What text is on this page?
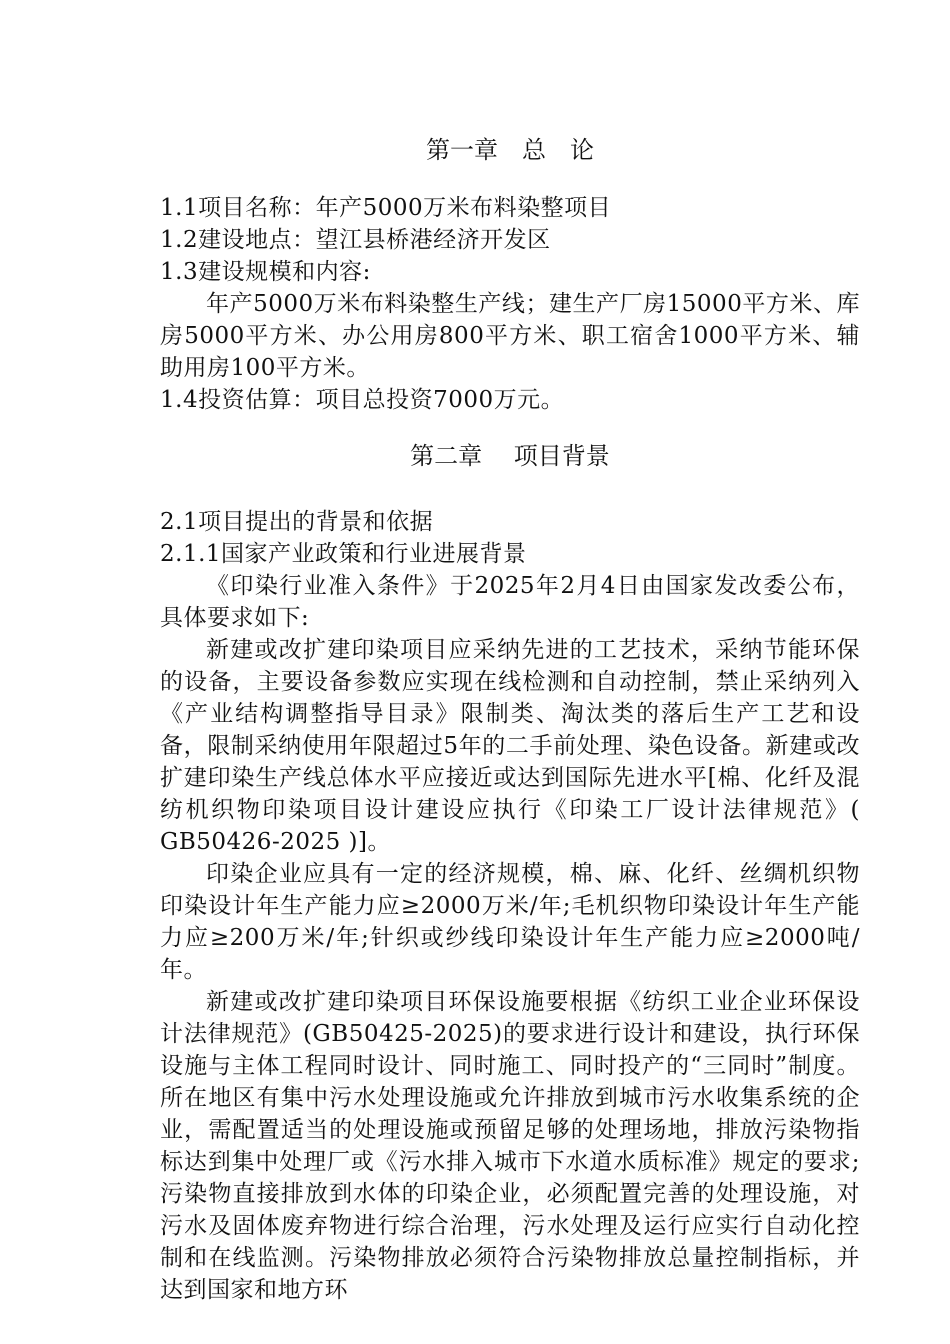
第一章　总　论

1.1项目名称：年产5000万米布料染整项目

1.2建设地点：望江县桥港经济开发区

1.3建设规模和内容:

年产5000万米布料染整生产线；建生产厂房15000平方米、库房5000平方米、办公用房800平方米、职工宿舍1000平方米、辅助用房100平方米。

1.4投资估算：项目总投资7000万元。

第二章　 项目背景

2.1项目提出的背景和依据

2.1.1国家产业政策和行业进展背景

《印染行业准入条件》于2025年2月4日由国家发改委公布，具体要求如下:

新建或改扩建印染项目应采纳先进的工艺技术，采纳节能环保的设备，主要设备参数应实现在线检测和自动控制，禁止采纳列入《产业结构调整指导目录》限制类、淘汰类的落后生产工艺和设备，限制采纳使用年限超过5年的二手前处理、染色设备。新建或改扩建印染生产线总体水平应接近或达到国际先进水平[棉、化纤及混纺机织物印染项目设计建设应执行《印染工厂设计法律规范》( GB50426-2025 )]。

印染企业应具有一定的经济规模，棉、麻、化纤、丝绸机织物印染设计年生产能力应≥2000万米/年;毛机织物印染设计年生产能力应≥200万米/年;针织或纱线印染设计年生产能力应≥2000吨/年。

新建或改扩建印染项目环保设施要根据《纺织工业企业环保设计法律规范》(GB50425-2025)的要求进行设计和建设，执行环保设施与主体工程同时设计、同时施工、同时投产的“三同时”制度。所在地区有集中污水处理设施或允许排放到城市污水收集系统的企业，需配置适当的处理设施或预留足够的处理场地，排放污染物指标达到集中处理厂或《污水排入城市下水道水质标准》规定的要求;污染物直接排放到水体的印染企业，必须配置完善的处理设施，对污水及固体废弃物进行综合治理，污水处理及运行应实行自动化控制和在线监测。污染物排放必须符合污染物排放总量控制指标，并达到国家和地方环
